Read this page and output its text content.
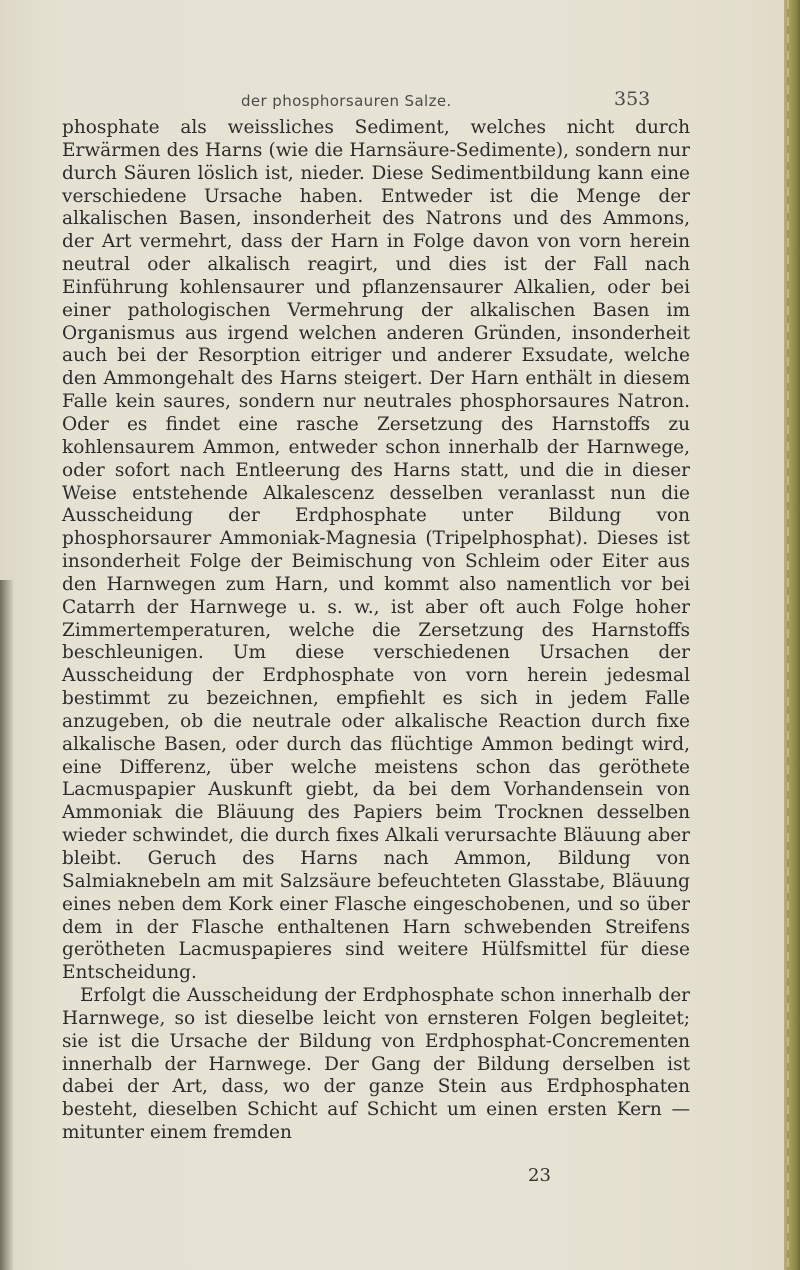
der phosphorsauren Salze.	353

phosphate als weissliches Sediment, welches nicht durch Erwärmen des Harns (wie die Harnsäure-Sedimente), sondern nur durch Säuren löslich ist, nieder. Diese Sedimentbildung kann eine verschiedene Ursache haben. Entweder ist die Menge der alkalischen Basen, insonderheit des Natrons und des Ammons, der Art vermehrt, dass der Harn in Folge davon von vorn herein neutral oder alkalisch reagirt, und dies ist der Fall nach Einführung kohlensaurer und pflanzensaurer Alkalien, oder bei einer pathologischen Vermehrung der alkalischen Basen im Organismus aus irgend welchen anderen Gründen, insonderheit auch bei der Resorption eitriger und anderer Exsudate, welche den Ammongehalt des Harns steigert. Der Harn enthält in diesem Falle kein saures, sondern nur neutrales phosphorsaures Natron. Oder es findet eine rasche Zersetzung des Harnstoffs zu kohlensaurem Ammon, entweder schon innerhalb der Harnwege, oder sofort nach Entleerung des Harns statt, und die in dieser Weise entstehende Alkalescenz desselben veranlasst nun die Ausscheidung der Erdphosphate unter Bildung von phosphorsaurer Ammoniak-Magnesia (Tripelphosphat). Dieses ist insonderheit Folge der Beimischung von Schleim oder Eiter aus den Harnwegen zum Harn, und kommt also namentlich vor bei Catarrh der Harnwege u. s. w., ist aber oft auch Folge hoher Zimmertemperaturen, welche die Zersetzung des Harnstoffs beschleunigen. Um diese verschiedenen Ursachen der Ausscheidung der Erdphosphate von vorn herein jedesmal bestimmt zu bezeichnen, empfiehlt es sich in jedem Falle anzugeben, ob die neutrale oder alkalische Reaction durch fixe alkalische Basen, oder durch das flüchtige Ammon bedingt wird, eine Differenz, über welche meistens schon das geröthete Lacmuspapier Auskunft giebt, da bei dem Vorhandensein von Ammoniak die Bläuung des Papiers beim Trocknen desselben wieder schwindet, die durch fixes Alkali verursachte Bläuung aber bleibt. Geruch des Harns nach Ammon, Bildung von Salmiaknebeln am mit Salzsäure befeuchteten Glasstabe, Bläuung eines neben dem Kork einer Flasche eingeschobenen, und so über dem in der Flasche enthaltenen Harn schwebenden Streifens gerötheten Lacmuspapieres sind weitere Hülfsmittel für diese Entscheidung.

Erfolgt die Ausscheidung der Erdphosphate schon innerhalb der Harnwege, so ist dieselbe leicht von ernsteren Folgen begleitet; sie ist die Ursache der Bildung von Erdphosphat-Concrementen innerhalb der Harnwege. Der Gang der Bildung derselben ist dabei der Art, dass, wo der ganze Stein aus Erdphosphaten besteht, dieselben Schicht auf Schicht um einen ersten Kern — mitunter einem fremden

23
